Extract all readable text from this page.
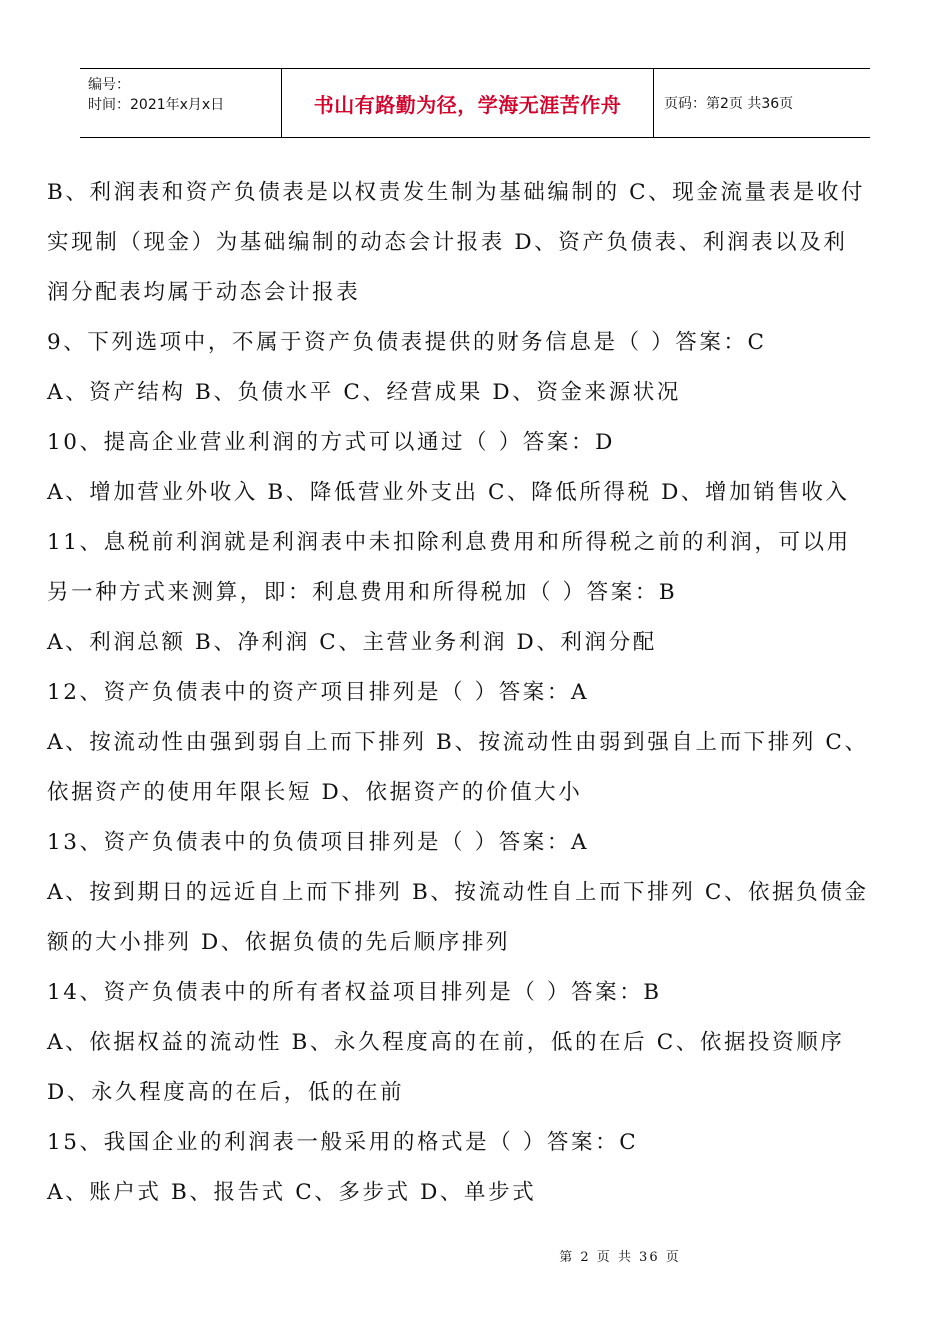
编号：
时间：2021年x月x日	书山有路勤为径，学海无涯苦作舟	页码：第2页 共36页
B、利润表和资产负债表是以权责发生制为基础编制的 C、现金流量表是收付
实现制（现金）为基础编制的动态会计报表 D、资产负债表、利润表以及利
润分配表均属于动态会计报表
9、下列选项中，不属于资产负债表提供的财务信息是（ ）答案：C
A、资产结构 B、负债水平 C、经营成果 D、资金来源状况
10、提高企业营业利润的方式可以通过（ ）答案：D
A、增加营业外收入 B、降低营业外支出 C、降低所得税 D、增加销售收入
11、息税前利润就是利润表中未扣除利息费用和所得税之前的利润，可以用
另一种方式来测算，即：利息费用和所得税加（ ）答案：B
A、利润总额 B、净利润 C、主营业务利润 D、利润分配
12、资产负债表中的资产项目排列是（ ）答案：A
A、按流动性由强到弱自上而下排列 B、按流动性由弱到强自上而下排列 C、
依据资产的使用年限长短 D、依据资产的价值大小
13、资产负债表中的负债项目排列是（ ）答案：A
A、按到期日的远近自上而下排列 B、按流动性自上而下排列 C、依据负债金
额的大小排列 D、依据负债的先后顺序排列
14、资产负债表中的所有者权益项目排列是（ ）答案：B
A、依据权益的流动性 B、永久程度高的在前，低的在后 C、依据投资顺序
D、永久程度高的在后，低的在前
15、我国企业的利润表一般采用的格式是（ ）答案：C
A、账户式 B、报告式 C、多步式 D、单步式
第 2 页 共 36 页
